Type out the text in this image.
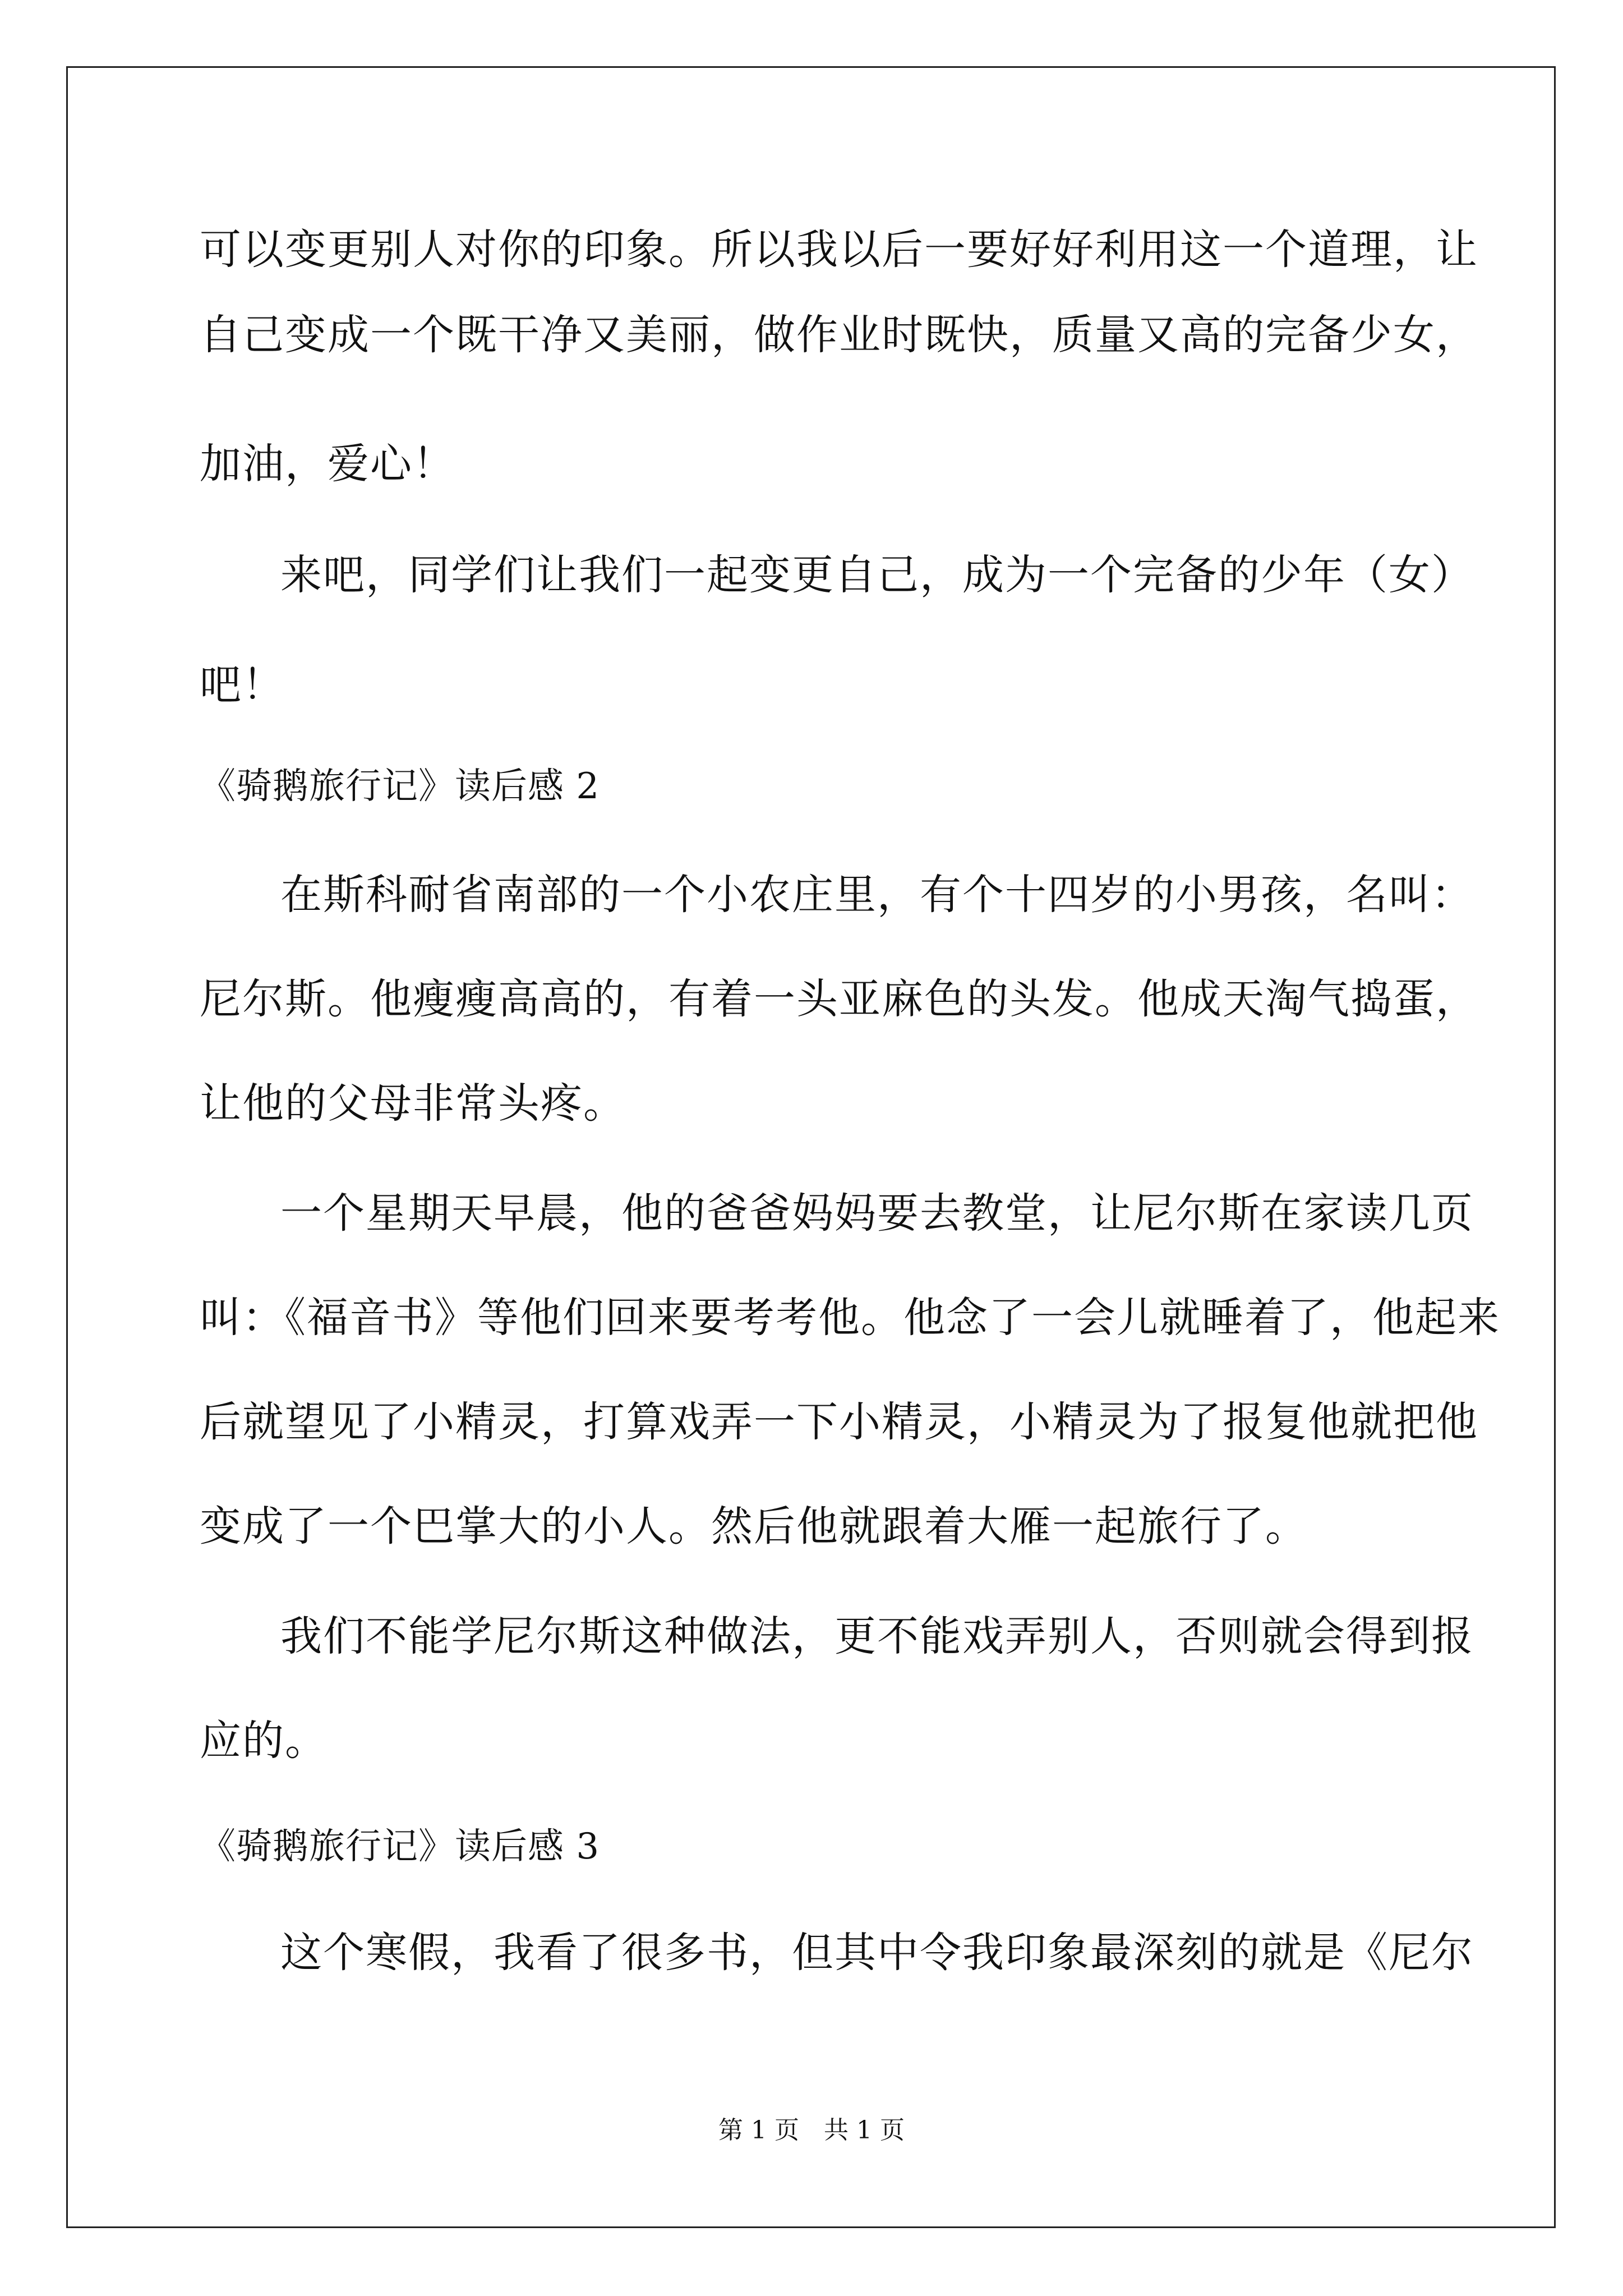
可以变更别人对你的印象。所以我以后一要好好利用这一个道理，让
自己变成一个既干净又美丽，做作业时既快，质量又高的完备少女，
加油，爱心！
来吧，同学们让我们一起变更自己，成为一个完备的少年（女）
吧！
《骑鹅旅行记》读后感 2
在斯科耐省南部的一个小农庄里，有个十四岁的小男孩，名叫：
尼尔斯。他瘦瘦高高的，有着一头亚麻色的头发。他成天淘气捣蛋，
让他的父母非常头疼。
一个星期天早晨，他的爸爸妈妈要去教堂，让尼尔斯在家读几页
叫：《福音书》等他们回来要考考他。他念了一会儿就睡着了，他起来
后就望见了小精灵，打算戏弄一下小精灵，小精灵为了报复他就把他
变成了一个巴掌大的小人。然后他就跟着大雁一起旅行了。
我们不能学尼尔斯这种做法，更不能戏弄别人，否则就会得到报
应的。
《骑鹅旅行记》读后感 3
这个寒假，我看了很多书，但其中令我印象最深刻的就是《尼尔
第 1 页　共 1 页
